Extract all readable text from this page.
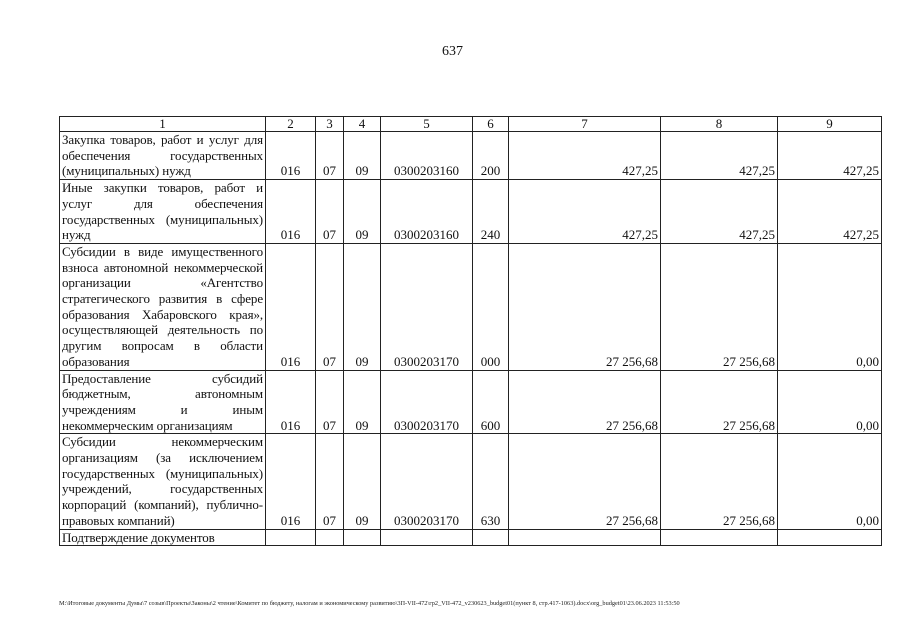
637
1	2	3	4	5	6	7	8	9
Закупка товаров, работ и услуг для обеспечения государственных (муниципальных) нужд	016	07	09	0300203160	200	427,25	427,25	427,25
Иные закупки товаров, работ и услуг для обеспечения государственных (муниципальных) нужд	016	07	09	0300203160	240	427,25	427,25	427,25
Субсидии в виде имущественного взноса автономной некоммерческой организации «Агентство стратегического развития в сфере образования Хабаровского края», осуществляющей деятельность по другим вопросам в области образования	016	07	09	0300203170	000	27 256,68	27 256,68	0,00
Предоставление субсидий бюджетным, автономным учреждениям и иным некоммерческим организациям	016	07	09	0300203170	600	27 256,68	27 256,68	0,00
Субсидии некоммерческим организациям (за исключением государственных (муниципальных) учреждений, государственных корпораций (компаний), публично-правовых компаний)	016	07	09	0300203170	630	27 256,68	27 256,68	0,00
Подтверждение документов								
M:\Итоговые документы Думы\7 созыв\Проекты\Законы\2 чтение\Комитет по бюджету, налогам и экономическому развитию\3П-VII-472\гр2_VII-472_v230623_budget01(пункт 8, стр.417-1063).docx\org_budget01\23.06.2023 11:53:50
